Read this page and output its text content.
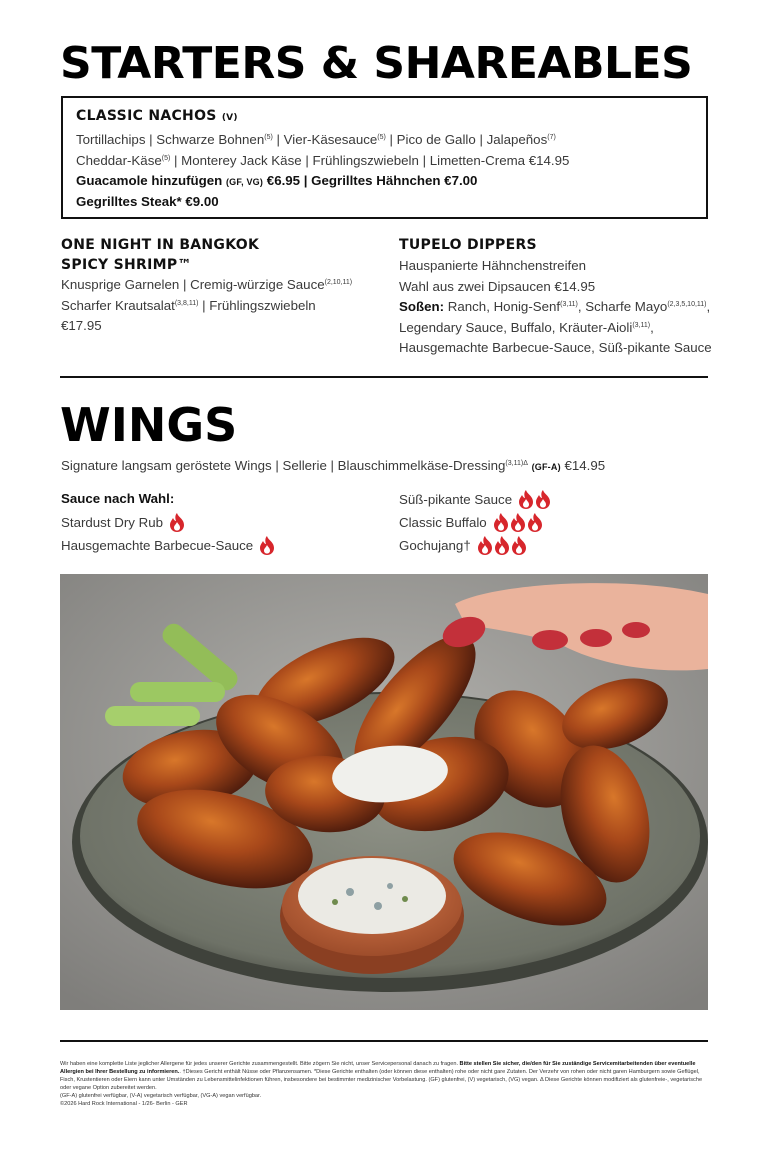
STARTERS & SHAREABLES
CLASSIC NACHOS (V)
Tortillachips | Schwarze Bohnen$^{(5)}$ | Vier-Käsesauce$^{(5)}$ | Pico de Gallo | Jalapeños$^{(7)}$
Cheddar-Käse$^{(5)}$ | Monterey Jack Käse | Frühlingszwiebeln | Limetten-Crema €14.95
Guacamole hinzufügen (GF, VG) €6.95 | Gegrilltes Hähnchen €7.00
Gegrilltes Steak* €9.00
ONE NIGHT IN BANGKOK
SPICY SHRIMP™
Knusprige Garnelen | Cremig-würzige Sauce$^{(2,10,11)}$
Scharfer Krautsalat$^{(3,8,11)}$ | Frühlingszwiebeln
€17.95
TUPELO DIPPERS
Hauspanierte Hähnchenstreifen
Wahl aus zwei Dipsaucen €14.95
Soßen: Ranch, Honig-Senf$^{(3,11)}$, Scharfe Mayo$^{(2,3,5,10,11)}$,
Legendary Sauce, Buffalo, Kräuter-Aioli$^{(3,11)}$,
Hausgemachte Barbecue-Sauce, Süß-pikante Sauce
WINGS
Signature langsam geröstete Wings | Sellerie | Blauschimmelkäse-Dressing$^{(3,11)\Delta}$ (GF-A) €14.95
Sauce nach Wahl:
Stardust Dry Rub
Hausgemachte Barbecue-Sauce
Süß-pikante Sauce
Classic Buffalo
Gochujang†
Wir haben eine komplette Liste jeglicher Allergene für jedes unserer Gerichte zusammengestellt. Bitte zögern Sie nicht, unser Servicepersonal danach zu fragen. Bitte stellen Sie sicher, die/den für Sie zuständige Servicemitarbeitenden über eventuelle Allergien bei Ihrer Bestellung zu informieren.. †Dieses Gericht enthält Nüsse oder Pflanzensamen. *Diese Gerichte enthalten (oder können diese enthalten) rohe oder nicht gare Zutaten. Der Verzehr von rohen oder nicht garen Hamburgern sowie Geflügel, Fisch, Krustentieren oder Eiern kann unter Umständen zu Lebensmittelinfektionen führen, insbesondere bei bestimmter medizinischer Vorbelastung. (GF) glutenfrei, (V) vegetarisch, (VG) vegan. Δ Diese Gerichte können modifiziert als glutenfreie-, vegetarische oder vegane Option zubereitet werden.
(GF-A) glutenfrei verfügbar, (V-A) vegetarisch verfügbar, (VG-A) vegan verfügbar.
©2026 Hard Rock International - 1/26- Berlin - GER
